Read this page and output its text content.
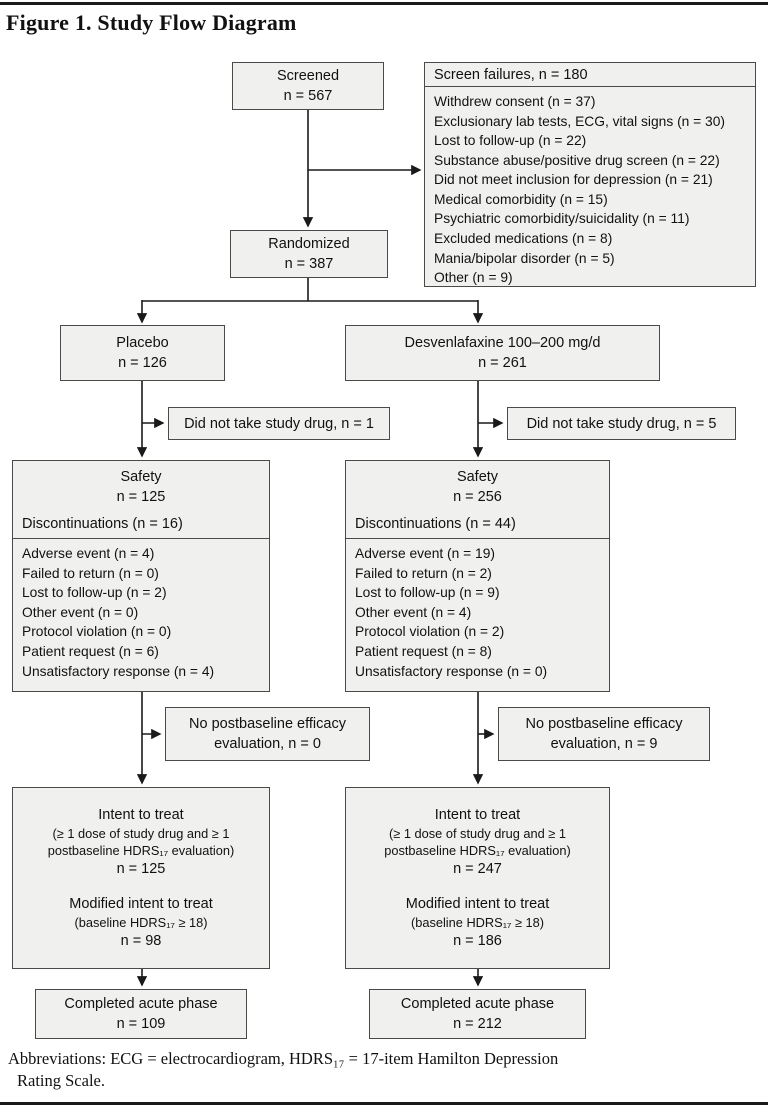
Figure 1. Study Flow Diagram
Screened
n = 567
Screen failures, n = 180
Withdrew consent (n = 37)
Exclusionary lab tests, ECG, vital signs (n = 30)
Lost to follow-up (n = 22)
Substance abuse/positive drug screen (n = 22)
Did not meet inclusion for depression (n = 21)
Medical comorbidity (n = 15)
Psychiatric comorbidity/suicidality (n = 11)
Excluded medications (n = 8)
Mania/bipolar disorder (n = 5)
Other (n = 9)
Randomized
n = 387
Placebo
n = 126
Desvenlafaxine 100–200 mg/d
n = 261
Did not take study drug, n = 1	Did not take study drug, n = 5
Safety
n = 125
Discontinuations (n = 16)
Adverse event (n = 4)
Failed to return (n = 0)
Lost to follow-up (n = 2)
Other event (n = 0)
Protocol violation (n = 0)
Patient request (n = 6)
Unsatisfactory response (n = 4)
Safety
n = 256
Discontinuations (n = 44)
Adverse event (n = 19)
Failed to return (n = 2)
Lost to follow-up (n = 9)
Other event (n = 4)
Protocol violation (n = 2)
Patient request (n = 8)
Unsatisfactory response (n = 0)
No postbaseline efficacy
evaluation, n = 0
No postbaseline efficacy
evaluation, n = 9
Intent to treat
(≥ 1 dose of study drug and ≥ 1
postbaseline HDRS₁₇ evaluation)
n = 125
Modified intent to treat
(baseline HDRS₁₇ ≥ 18)
n = 98
Intent to treat
(≥ 1 dose of study drug and ≥ 1
postbaseline HDRS₁₇ evaluation)
n = 247
Modified intent to treat
(baseline HDRS₁₇ ≥ 18)
n = 186
Completed acute phase
n = 109
Completed acute phase
n = 212
Abbreviations: ECG = electrocardiogram, HDRS₁₇ = 17-item Hamilton Depression
Rating Scale.
